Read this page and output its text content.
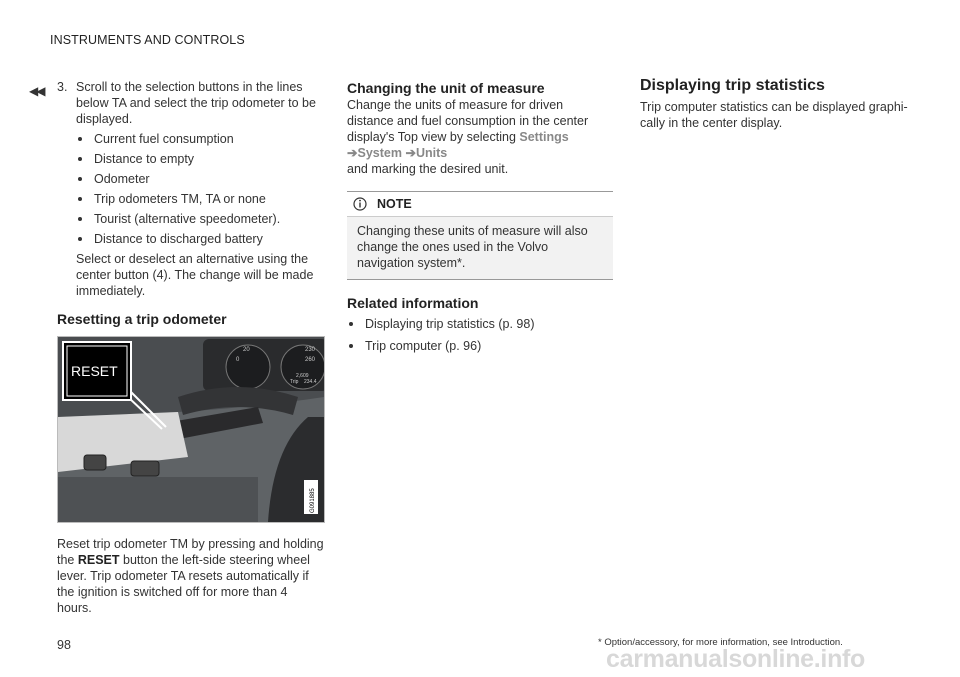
INSTRUMENTS AND CONTROLS
◀◀ 3. Scroll to the selection buttons in the lines below TA and select the trip odometer to be displayed.
Current fuel consumption
Distance to empty
Odometer
Trip odometers TM, TA or none
Tourist (alternative speedometer).
Distance to discharged battery

Select or deselect an alternative using the center button (4). The change will be made immediately.

Resetting a trip odometer
20	230
0	260
2,609
Trip 234.4
RESET
G091885

Reset trip odometer TM by pressing and holding the RESET button the left-side steering wheel lever. Trip odometer TA resets automatically if the ignition is switched off for more than 4 hours.

Changing the unit of measure

Change the units of measure for driven distance and fuel consumption in the center display's Top view by selecting Settings ➔System ➔Units
and marking the desired unit.

NOTE
Changing these units of measure will also change the ones used in the Volvo navigation system*.
Related information
Displaying trip statistics (p. 98)
Trip computer (p. 96)
Displaying trip statistics

Trip computer statistics can be displayed graphi-cally in the center display.

98	* Option/accessory, for more information, see Introduction.
carmanualsonline.info
